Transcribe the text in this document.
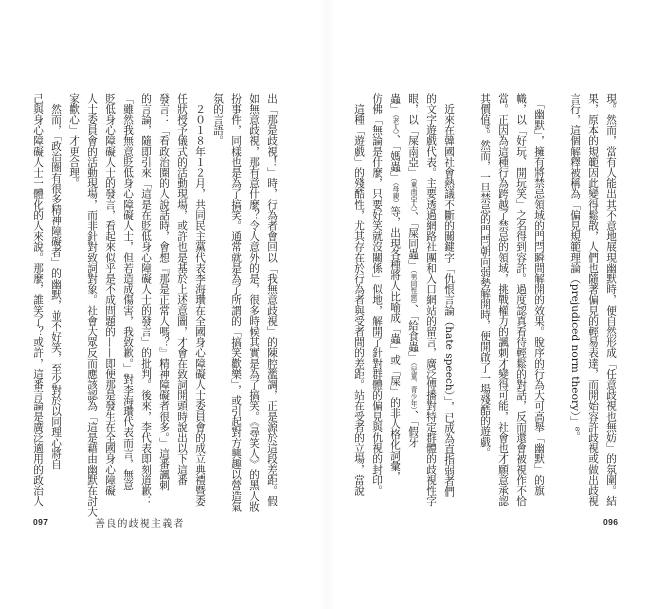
現。然而，當有人能出其不意地展現幽默時，便自然形成「任意歧視也無妨」的氛圍。結
果，原本的規範因此變得鬆散，人們也隨著偏見的輕易表達，而開始容許歧視或做出歧視
言行，這個解釋被稱為「偏見規範理論（prejudiced norm theory）」⁸。
　「幽默」，擁有將禁忌領域的門閂瞬間解開的效果。脫序的行為大可高舉「幽默」的旗
幟，以「好玩、開玩笑」之名得到容許。過度認真看待輕鬆的對話，反而還會被視作不恰
當。正因為這種行為跨越了禁忌的領域，挑戰權力的諷刺才變得可能，社會也才願意承認
其價值⁹。然而，一旦禁忌的門閂朝向弱勢解開時，便開啟了一場殘酷的遊戲。
　近來在韓國社會熱議不斷的關鍵字「仇恨言論（hate speech）」，已成為直指弱者們
的文字遊戲代表。主要透過網路社團和入口網站的留言，廣泛傳播對特定群體的歧視性字
眼，以「屎南亞」（東南亞人）、「屎同蟲」（男同性戀）、「給食蟲」（兒童、青少年）、「假牙
蟲」（老人）、「媽蟲」（母親）等，出現各種將人比喻成「蟲」或「屎」的非人格化詞彙，
仿佛「無論是什麼，只要好笑就沒關係」似地，解開了針對群體的偏見與仇視的封印。
　這種「遊戲」的殘酷性，尤其存在於行為者與受者間的差距。站在受者的立場，當說
出「那是歧視！」時，行為者會回以「我無意歧視」的陳腔濫調，正是源於這段差距。假
如無意歧視，那有意什麼？令人意外的是，很多時候其實是為了搞笑。《尋笑人》的黑人妝
扮事件，同樣也是為了搞笑。通常就是為了所謂的「搞笑歡樂」，或引起對方興趣以營造氣
氛的言語。
　２０１８年１２月，共同民主黨代表李海瓚在全國身心障礙人士委員會的成立典禮暨委
任狀授予儀式的活動現場，或許也是基於上述意圖，才會在致詞開頭時說出以下這番
發言：「看政治圈的人說話時，會想『那是正常人嗎？』精神障礙者很多。」這番諷刺
的言論，隨即引來「這是在貶低身心障礙人士的發言」的批判。後來，李代表即刻道歉：
「雖然我無意貶低身心障礙人士，但若造成傷害，我致歉。」對李海瓚代表而言，無意
貶低身心障礙人士的發言，看起來似乎是不成問題的——即便那是發生在全國身心障礙
人士委員會的活動現場，而非針對致詞對象。社會大眾反而應該認為「這是藉由幽默在討大
家歡心」才更合理。
　然而，「政治圈有很多精神障礙者」的幽默，並不好笑，至少對於以同理心將自
己與身心障礙人士一體化的人來說。那麼，誰笑了？或許，這番言論是廣泛適用的政治人
097	善良的歧視主義者	096
